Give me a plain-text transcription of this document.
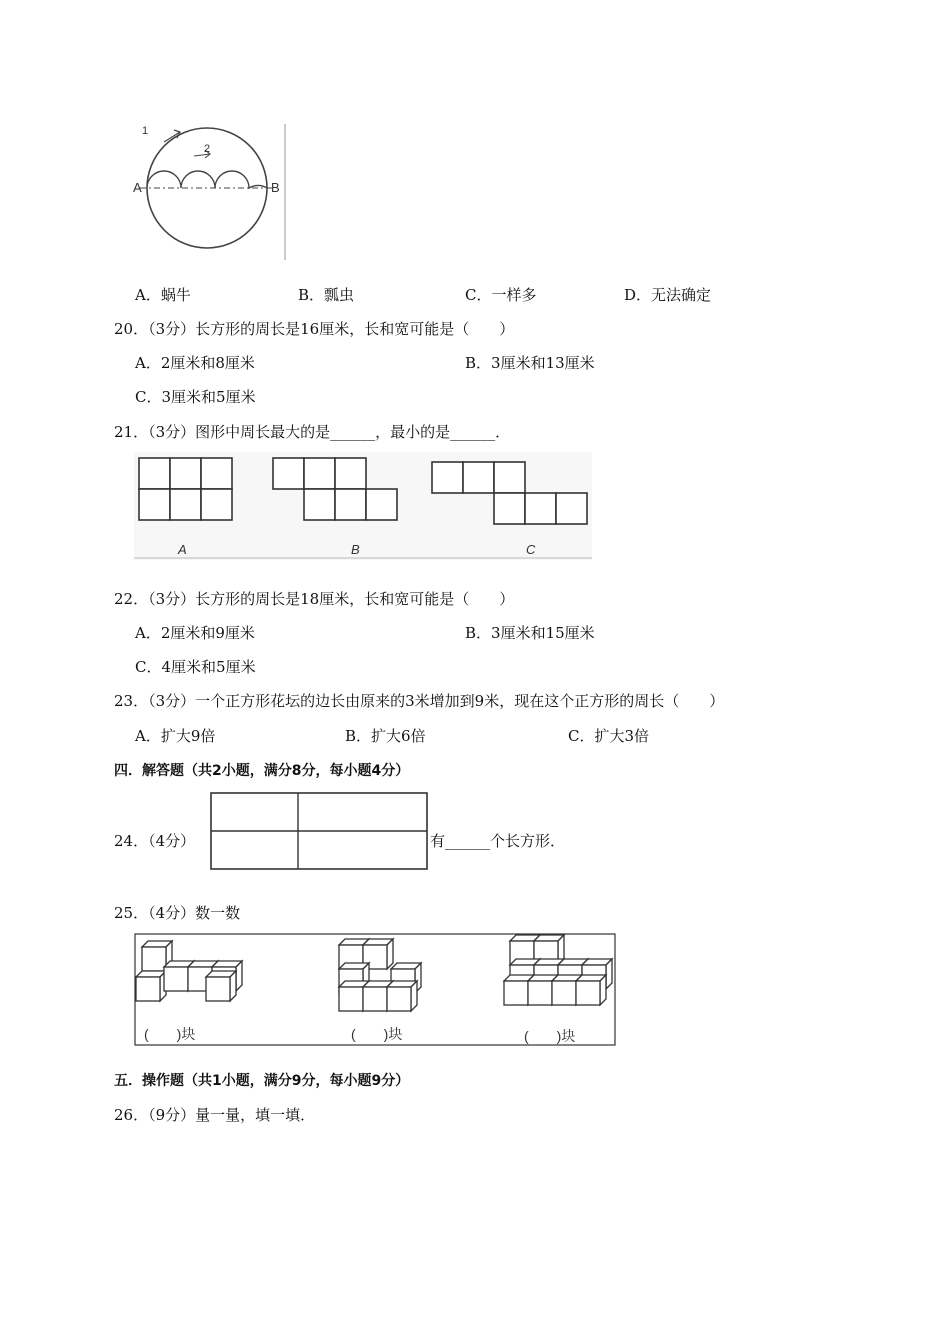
A	B
1
2
A．蜗牛	B．瓢虫	C．一样多	D．无法确定
20．（3分）长方形的周长是16厘米，长和宽可能是（　　）
A．2厘米和8厘米	B．3厘米和13厘米
C．3厘米和5厘米
21．（3分）图形中周长最大的是______，最小的是______．
A	B	C
22．（3分）长方形的周长是18厘米，长和宽可能是（　　）
A．2厘米和9厘米	B．3厘米和15厘米
C．4厘米和5厘米
23．（3分）一个正方形花坛的边长由原来的3米增加到9米，现在这个正方形的周长（　　）
A．扩大9倍	B．扩大6倍	C．扩大3倍
四．解答题（共2小题，满分8分，每小题4分）
24．（4分）	有______个长方形．
25．（4分）数一数
(　　)块	(　　)块	(　　)块
五．操作题（共1小题，满分9分，每小题9分）
26．（9分）量一量，填一填．
